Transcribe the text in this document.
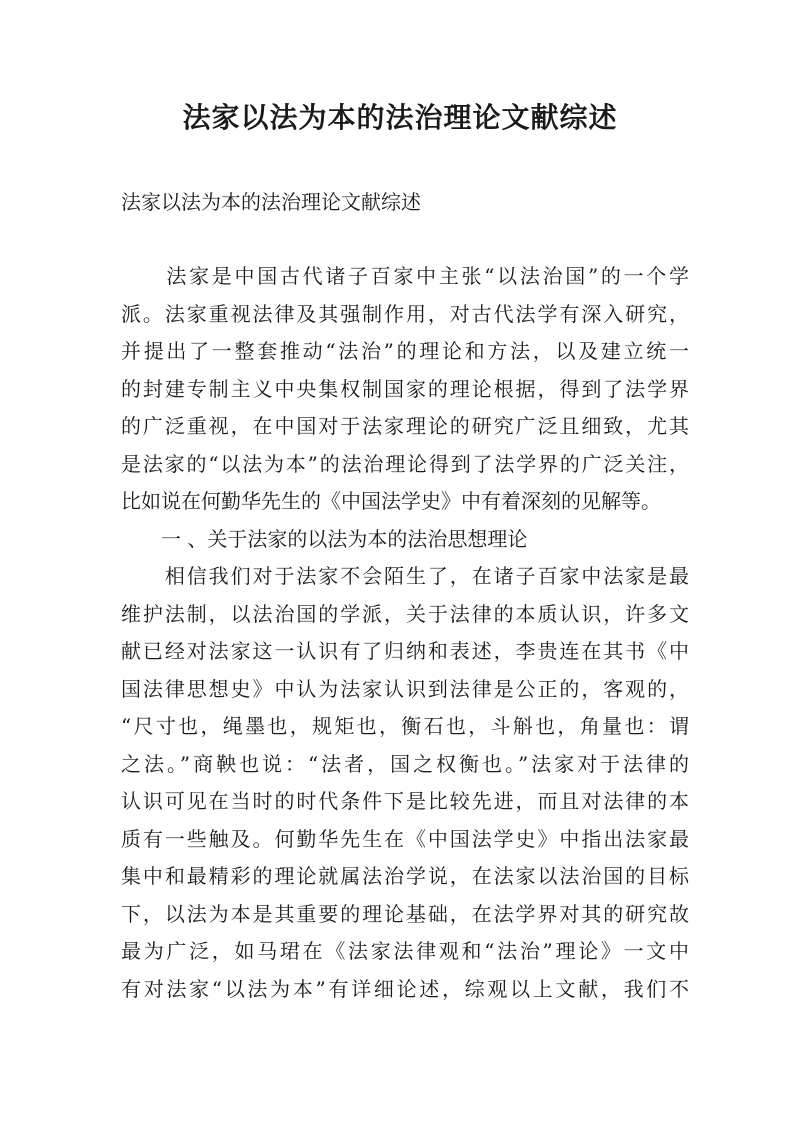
法家以法为本的法治理论文献综述

法家以法为本的法治理论文献综述

　　法家是中国古代诸子百家中主张“以法治国”的一个学
派。法家重视法律及其强制作用，对古代法学有深入研究，
并提出了一整套推动“法治”的理论和方法，以及建立统一
的封建专制主义中央集权制国家的理论根据，得到了法学界
的广泛重视，在中国对于法家理论的研究广泛且细致，尤其
是法家的“以法为本”的法治理论得到了法学界的广泛关注，
比如说在何勤华先生的《中国法学史》中有着深刻的见解等。
　　一 、关于法家的以法为本的法治思想理论
　　相信我们对于法家不会陌生了，在诸子百家中法家是最
维护法制，以法治国的学派，关于法律的本质认识，许多文
献已经对法家这一认识有了归纳和表述，李贵连在其书《中
国法律思想史》中认为法家认识到法律是公正的，客观的，
“尺寸也，绳墨也，规矩也，衡石也，斗斛也，角量也：谓
之法。”商鞅也说：“法者，国之权衡也。”法家对于法律的
认识可见在当时的时代条件下是比较先进，而且对法律的本
质有一些触及。何勤华先生在《中国法学史》中指出法家最
集中和最精彩的理论就属法治学说，在法家以法治国的目标
下，以法为本是其重要的理论基础，在法学界对其的研究故
最为广泛，如马珺在《法家法律观和“法治”理论》一文中
有对法家“以法为本”有详细论述，综观以上文献，我们不
